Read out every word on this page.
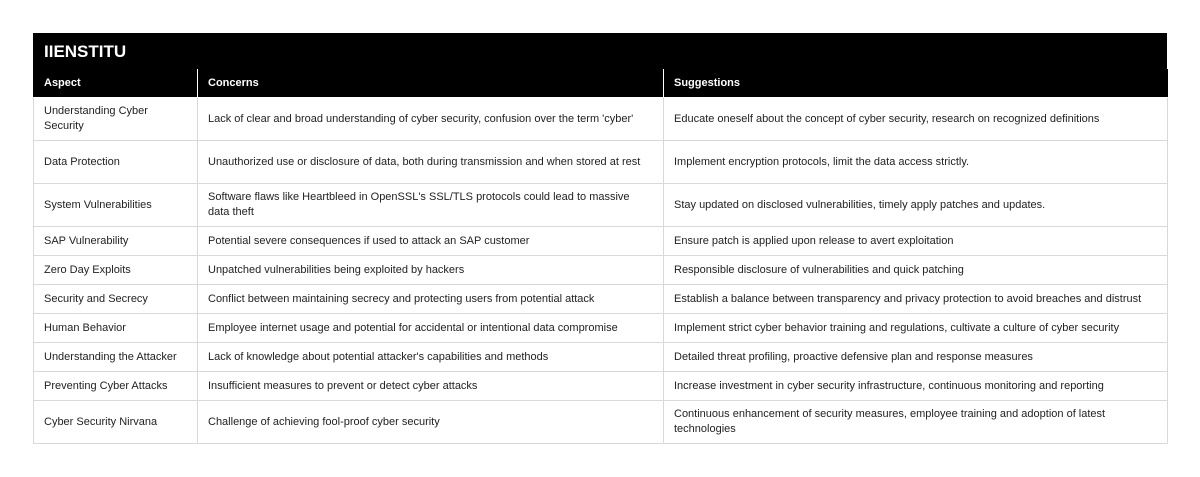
IIENSTITU
Aspect	Concerns	Suggestions
Understanding Cyber Security	Lack of clear and broad understanding of cyber security, confusion over the term 'cyber'	Educate oneself about the concept of cyber security, research on recognized definitions
Data Protection	Unauthorized use or disclosure of data, both during transmission and when stored at rest	Implement encryption protocols, limit the data access strictly.
System Vulnerabilities	Software flaws like Heartbleed in OpenSSL's SSL/TLS protocols could lead to massive data theft	Stay updated on disclosed vulnerabilities, timely apply patches and updates.
SAP Vulnerability	Potential severe consequences if used to attack an SAP customer	Ensure patch is applied upon release to avert exploitation
Zero Day Exploits	Unpatched vulnerabilities being exploited by hackers	Responsible disclosure of vulnerabilities and quick patching
Security and Secrecy	Conflict between maintaining secrecy and protecting users from potential attack	Establish a balance between transparency and privacy protection to avoid breaches and distrust
Human Behavior	Employee internet usage and potential for accidental or intentional data compromise	Implement strict cyber behavior training and regulations, cultivate a culture of cyber security
Understanding the Attacker	Lack of knowledge about potential attacker's capabilities and methods	Detailed threat profiling, proactive defensive plan and response measures
Preventing Cyber Attacks	Insufficient measures to prevent or detect cyber attacks	Increase investment in cyber security infrastructure, continuous monitoring and reporting
Cyber Security Nirvana	Challenge of achieving fool-proof cyber security	Continuous enhancement of security measures, employee training and adoption of latest technologies
